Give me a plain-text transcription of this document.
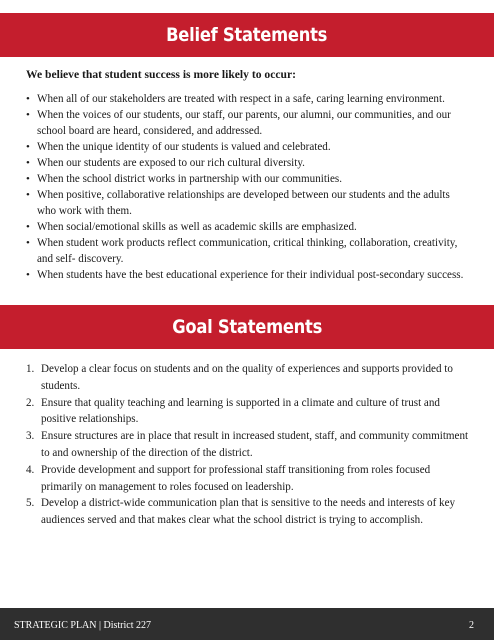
Belief Statements
We believe that student success is more likely to occur:
• When all of our stakeholders are treated with respect in a safe, caring learning environment.
• When the voices of our students, our staff, our parents, our alumni, our communities, and our school board are heard, considered, and addressed.
• When the unique identity of our students is valued and celebrated.
• When our students are exposed to our rich cultural diversity.
• When the school district works in partnership with our communities.
• When positive, collaborative relationships are developed between our students and the adults who work with them.
• When social/emotional skills as well as academic skills are emphasized.
• When student work products reflect communication, critical thinking, collaboration, creativity, and self- discovery.
• When students have the best educational experience for their individual post-secondary success.
Goal Statements
1. Develop a clear focus on students and on the quality of experiences and supports provided to students.
2. Ensure that quality teaching and learning is supported in a climate and culture of trust and positive relationships.
3. Ensure structures are in place that result in increased student, staff, and community commitment to and ownership of the direction of the district.
4. Provide development and support for professional staff transitioning from roles focused primarily on management to roles focused on leadership.
5. Develop a district-wide communication plan that is sensitive to the needs and interests of key audiences served and that makes clear what the school district is trying to accomplish.
STRATEGIC PLAN | District 227	2
